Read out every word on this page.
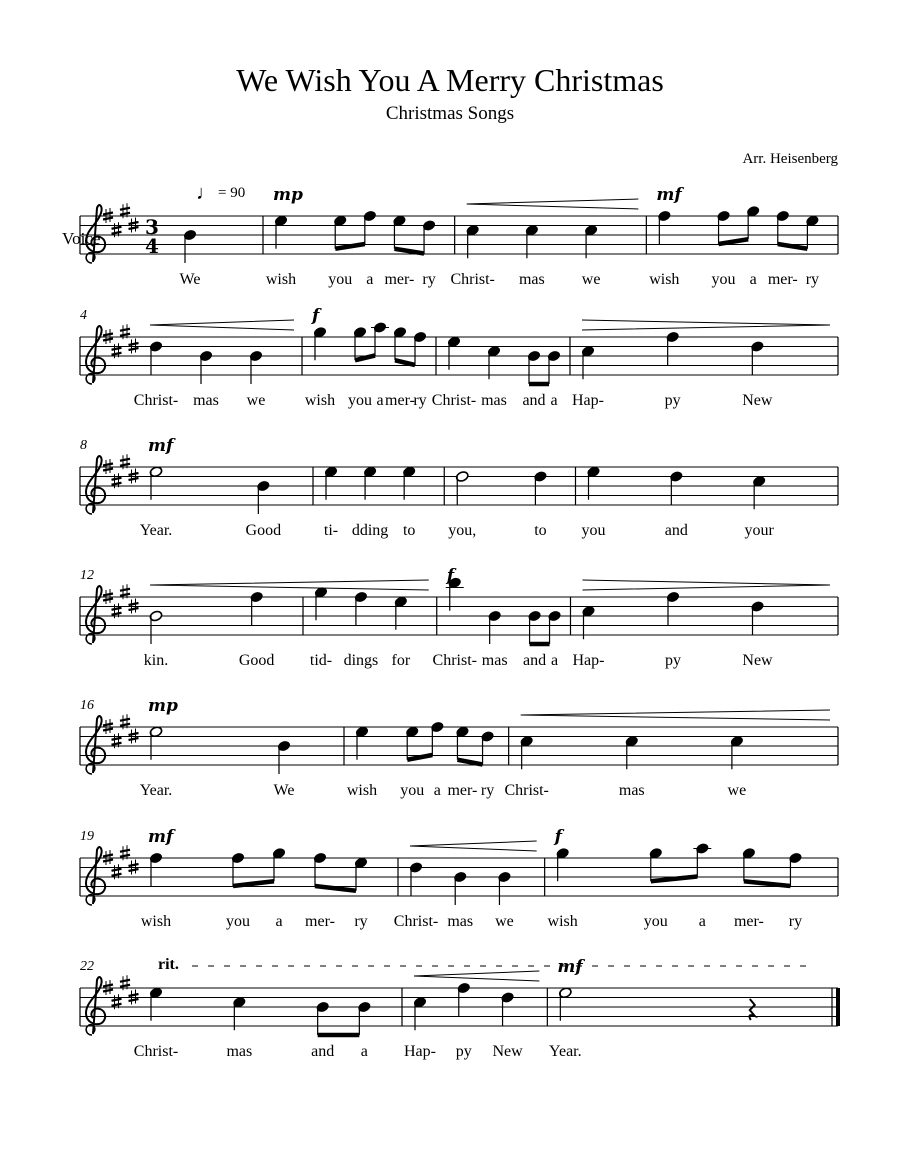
We Wish You A Merry Christmas
Christmas Songs
Arr. Heisenberg
♩ = 90
Voice 3
4
We	wish you a mer- ry Christ- mas we	wish you a mer- ry
mp	mf
4
Christ- mas we wish you a mer-
ry Christ- mas and a Hap-	py	New
f
8
Year.	Good	ti- dding to you,	to you	and	your
mf
12
kin.	Good tid- dings for Christ- mas and a Hap-	py	New
f
16
Year.	We	wish you a mer- ry Christ-	mas	we
mp
19
wish	you a mer- ry Christ- mas we wish	you a mer- ry
mf	f
22
Christ-	mas	and a Hap- py New Year.
mf
rit.
